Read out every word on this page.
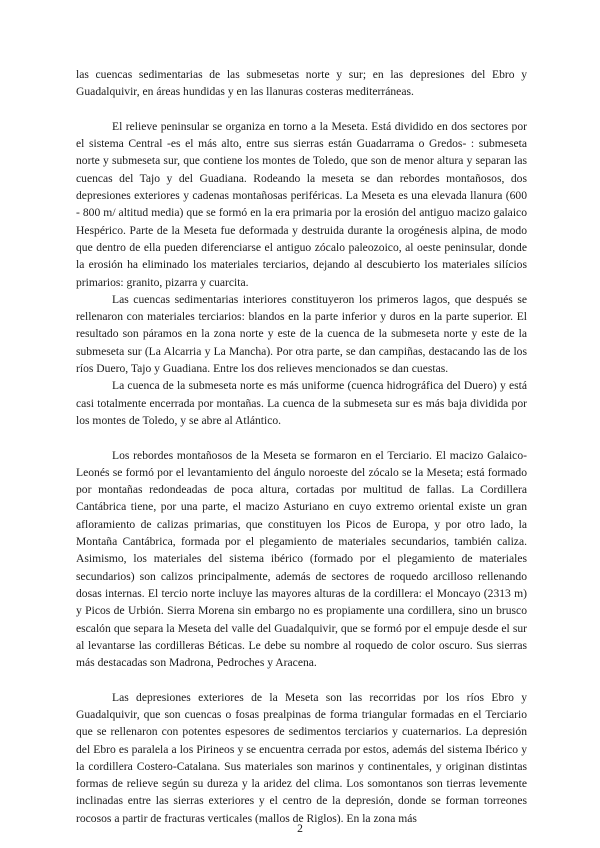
las cuencas sedimentarias de las submesetas norte y sur; en las depresiones del Ebro y Guadalquivir, en áreas hundidas y en las llanuras costeras mediterráneas.

El relieve peninsular se organiza en torno a la Meseta. Está dividido en dos sectores por el sistema Central -es el más alto, entre sus sierras están Guadarrama o Gredos- : submeseta norte y submeseta sur, que contiene los montes de Toledo, que son de menor altura y separan las cuencas del Tajo y del Guadiana. Rodeando la meseta se dan rebordes montañosos, dos depresiones exteriores y cadenas montañosas periféricas. La Meseta es una elevada llanura (600 - 800 m/ altitud media) que se formó en la era primaria por la erosión del antiguo macizo galaico Hespérico. Parte de la Meseta fue deformada y destruida durante la orogénesis alpina, de modo que dentro de ella pueden diferenciarse el antiguo zócalo paleozoico, al oeste peninsular, donde la erosión ha eliminado los materiales terciarios, dejando al descubierto los materiales silícios primarios: granito, pizarra y cuarcita.

Las cuencas sedimentarias interiores constituyeron los primeros lagos, que después se rellenaron con materiales terciarios: blandos en la parte inferior y duros en la parte superior. El resultado son páramos en la zona norte y este de la cuenca de la submeseta norte y este de la submeseta sur (La Alcarria y La Mancha). Por otra parte, se dan campiñas, destacando las de los ríos Duero, Tajo y Guadiana. Entre los dos relieves mencionados se dan cuestas.

La cuenca de la submeseta norte es más uniforme (cuenca hidrográfica del Duero) y está casi totalmente encerrada por montañas. La cuenca de la submeseta sur es más baja dividida por los montes de Toledo, y se abre al Atlántico.

Los rebordes montañosos de la Meseta se formaron en el Terciario. El macizo Galaico-Leonés se formó por el levantamiento del ángulo noroeste del zócalo se la Meseta; está formado por montañas redondeadas de poca altura, cortadas por multitud de fallas. La Cordillera Cantábrica tiene, por una parte, el macizo Asturiano en cuyo extremo oriental existe un gran afloramiento de calizas primarias, que constituyen los Picos de Europa, y por otro lado, la Montaña Cantábrica, formada por el plegamiento de materiales secundarios, también caliza. Asimismo, los materiales del sistema ibérico (formado por el plegamiento de materiales secundarios) son calizos principalmente, además de sectores de roquedo arcilloso rellenando dosas internas. El tercio norte incluye las mayores alturas de la cordillera: el Moncayo (2313 m) y Picos de Urbión. Sierra Morena sin embargo no es propiamente una cordillera, sino un brusco escalón que separa la Meseta del valle del Guadalquivir, que se formó por el empuje desde el sur al levantarse las cordilleras Béticas. Le debe su nombre al roquedo de color oscuro. Sus sierras más destacadas son Madrona, Pedroches y Aracena.

Las depresiones exteriores de la Meseta son las recorridas por los ríos Ebro y Guadalquivir, que son cuencas o fosas prealpinas de forma triangular formadas en el Terciario que se rellenaron con potentes espesores de sedimentos terciarios y cuaternarios. La depresión del Ebro es paralela a los Pirineos y se encuentra cerrada por estos, además del sistema Ibérico y la cordillera Costero-Catalana. Sus materiales son marinos y continentales, y originan distintas formas de relieve según su dureza y la aridez del clima. Los somontanos son tierras levemente inclinadas entre las sierras exteriores y el centro de la depresión, donde se forman torreones rocosos a partir de fracturas verticales (mallos de Riglos). En la zona más

2
